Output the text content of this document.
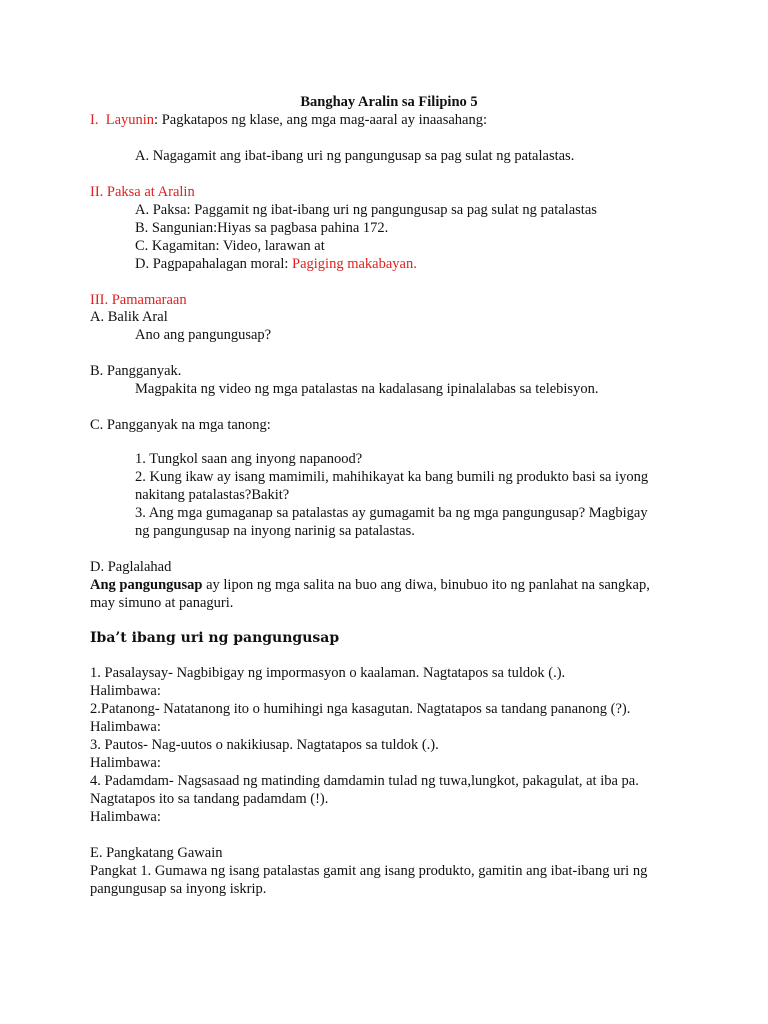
Banghay Aralin sa Filipino 5
I. Layunin: Pagkatapos ng klase, ang mga mag-aaral ay inaasahang:
A. Nagagamit ang ibat-ibang uri ng pangungusap sa pag sulat ng patalastas.
II. Paksa at Aralin
A. Paksa: Paggamit ng ibat-ibang uri ng pangungusap sa pag sulat ng patalastas
B. Sangunian:Hiyas sa pagbasa pahina 172.
C. Kagamitan: Video, larawan at
D. Pagpapahalagan moral: Pagiging makabayan.
III. Pamamaraan
A. Balik Aral
Ano ang pangungusap?
B. Pangganyak.
Magpakita ng video ng mga patalastas na kadalasang ipinalalabas sa telebisyon.
C. Pangganyak na mga tanong:
1. Tungkol saan ang inyong napanood?
2. Kung ikaw ay isang mamimili, mahihikayat ka bang bumili ng produkto basi sa iyong
nakitang patalastas?Bakit?
3. Ang mga gumaganap sa patalastas ay gumagamit ba ng mga pangungusap? Magbigay
ng pangungusap na inyong narinig sa patalastas.
D. Paglalahad
Ang pangungusap ay lipon ng mga salita na buo ang diwa, binubuo ito ng panlahat na sangkap,
may simuno at panaguri.
Iba’t ibang uri ng pangungusap
1. Pasalaysay- Nagbibigay ng impormasyon o kaalaman. Nagtatapos sa tuldok (.).
Halimbawa:
2.Patanong- Natatanong ito o humihingi nga kasagutan. Nagtatapos sa tandang pananong (?).
Halimbawa:
3. Pautos- Nag-uutos o nakikiusap. Nagtatapos sa tuldok (.).
Halimbawa:
4. Padamdam- Nagsasaad ng matinding damdamin tulad ng tuwa,lungkot, pakagulat, at iba pa.
Nagtatapos ito sa tandang padamdam (!).
Halimbawa:
E. Pangkatang Gawain
Pangkat 1. Gumawa ng isang patalastas gamit ang isang produkto, gamitin ang ibat-ibang uri ng
pangungusap sa inyong iskrip.
